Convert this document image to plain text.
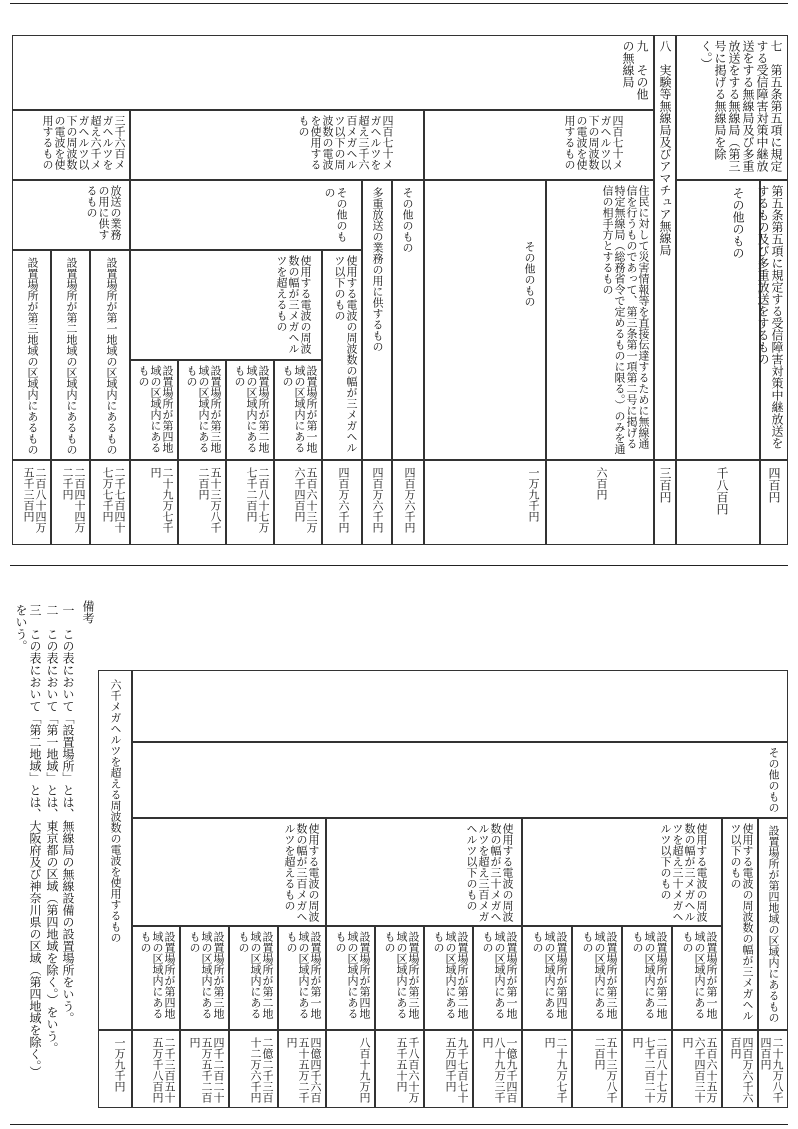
七　第五条第五項に規定する受信障害対策中継放送をする無線局及び多重放送をする無線局（第三号に掲げる無線局を除く。）
第五条第五項に規定する受信障害対策中継放送をするもの及び多重放送をするもの
四百円
その他のもの
千八百円
八　実験等無線局及びアマチュア無線局
三百円
九　その他の無線局
四百七十メガヘルツ以下の周波数の電波を使用するもの
住民に対して災害情報等を直接伝達するために無線通信を行うものであって、第三条第一項第二号に掲げる特定無線局（総務省令で定めるものに限る。）のみを通信の相手方とするもの
六百円
その他のもの
一万九千円
四百七十メガヘルツを超え三千六百メガヘルツ以下の周波数の電波を使用するもの
その他のもの
四百万六千円
多重放送の業務の用に供するもの
四百万六千円
その他のもの
使用する電波の周波数の幅が三メガヘルツ以下のもの
四百万六千円
使用する電波の周波数の幅が三メガヘルツを超えるもの
設置場所が第一地域の区域内にあるもの
設置場所が第二地域の区域内にあるもの
設置場所が第三地域の区域内にあるもの
設置場所が第四地域の区域内にあるもの
五百六十三万六千四百円
二百八十七万七千二百円
五十三万八千二百円
二十九万七千円
三千六百メガヘルツを超え六千メガヘルツ以下の周波数の電波を使用するもの
放送の業務の用に供するもの
設置場所が第一地域の区域内にあるもの
設置場所が第二地域の区域内にあるもの
設置場所が第三地域の区域内にあるもの
二千七百四十七万七千円
二百四十四万二千円
二百八十四万五千三百円
六千メガヘルツを超える周波数の電波を使用するもの
一万九千円
その他のもの
設置場所が第四地域の区域内にあるもの
二十九万八千四百円
使用する電波の周波数の幅が三メガヘルツ以下のもの
四百万六千六百円
使用する電波の周波数の幅が三メガヘルツを超え三十メガヘルツ以下のもの
使用する電波の周波数の幅が三十メガヘルツを超え三百メガヘルツ以下のもの
使用する電波の周波数の幅が三百メガヘルツを超えるもの
設置場所が第一地域の区域内にあるもの
設置場所が第二地域の区域内にあるもの
設置場所が第三地域の区域内にあるもの
設置場所が第四地域の区域内にあるもの
五百六十五万六千四百三十円
二百八十七万七千二百二十円
五十三万八千二百円
二十九万七千円
設置場所が第一地域の区域内にあるもの
設置場所が第二地域の区域内にあるもの
設置場所が第三地域の区域内にあるもの
設置場所が第四地域の区域内にあるもの
一億九千四百八十九万三千円
九千七百七十五万四千円
千八百六十万五千五十円
八百十九万円
設置場所が第一地域の区域内にあるもの
設置場所が第二地域の区域内にあるもの
設置場所が第三地域の区域内にあるもの
設置場所が第四地域の区域内にあるもの
四億四千六百五十五万二千円
二億二千三百十二万六千円
四千二百二十五万五千二百円
二千三百五十五万千八百円
備考
一　この表において「設置場所」とは、無線局の無線設備の設置場所をいう。
二　この表において「第一地域」とは、東京都の区域（第四地域を除く。）をいう。
三　この表において「第二地域」とは、大阪府及び神奈川県の区域（第四地域を除く。）をいう。
